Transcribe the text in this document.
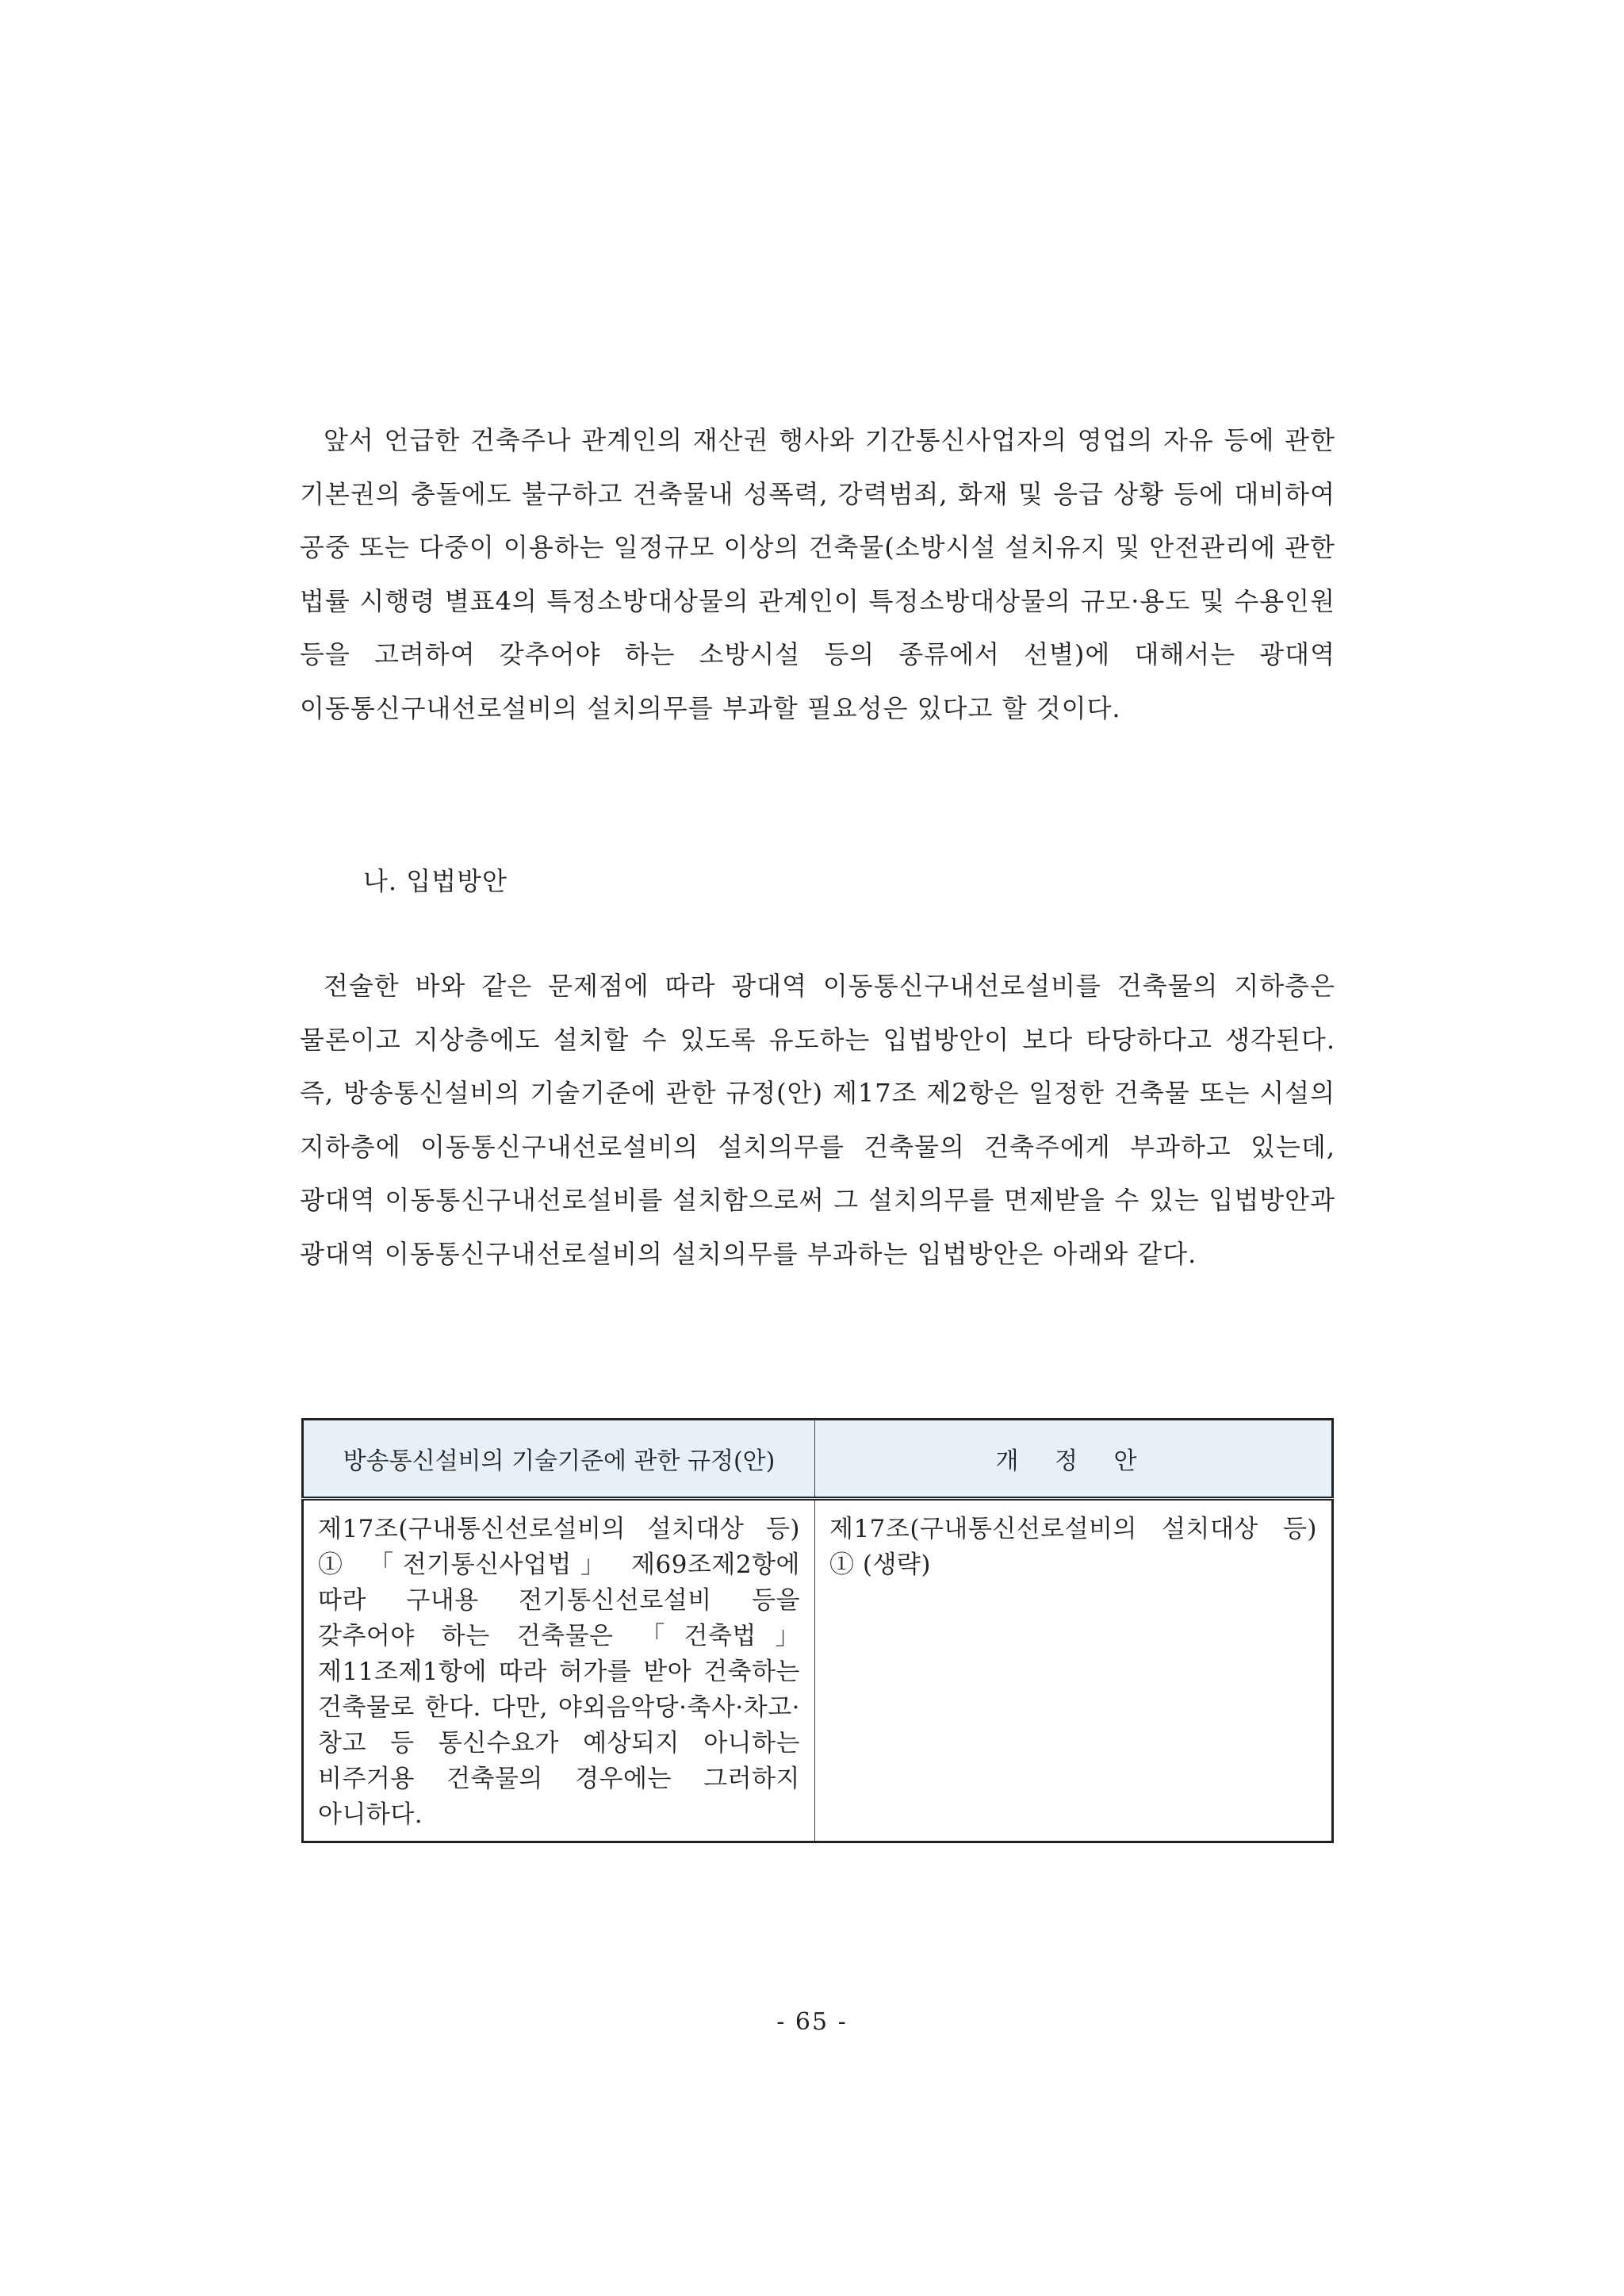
앞서 언급한 건축주나 관계인의 재산권 행사와 기간통신사업자의 영업의 자유 등에 관한 기본권의 충돌에도 불구하고 건축물내 성폭력, 강력범죄, 화재 및 응급 상황 등에 대비하여 공중 또는 다중이 이용하는 일정규모 이상의 건축물(소방시설 설치유지 및 안전관리에 관한 법률 시행령 별표4의 특정소방대상물의 관계인이 특정소방대상물의 규모·용도 및 수용인원 등을 고려하여 갖추어야 하는 소방시설 등의 종류에서 선별)에 대해서는 광대역 이동통신구내선로설비의 설치의무를 부과할 필요성은 있다고 할 것이다.

나. 입법방안

전술한 바와 같은 문제점에 따라 광대역 이동통신구내선로설비를 건축물의 지하층은 물론이고 지상층에도 설치할 수 있도록 유도하는 입법방안이 보다 타당하다고 생각된다. 즉, 방송통신설비의 기술기준에 관한 규정(안) 제17조 제2항은 일정한 건축물 또는 시설의 지하층에 이동통신구내선로설비의 설치의무를 건축물의 건축주에게 부과하고 있는데, 광대역 이동통신구내선로설비를 설치함으로써 그 설치의무를 면제받을 수 있는 입법방안과 광대역 이동통신구내선로설비의 설치의무를 부과하는 입법방안은 아래와 같다.

방송통신설비의 기술기준에 관한 규정(안)	개 정 안
제17조(구내통신선로설비의 설치대상 등) ① 「전기통신사업법」 제69조제2항에 따라 구내용 전기통신선로설비 등을 갖추어야 하는 건축물은 「건축법」 제11조제1항에 따라 허가를 받아 건축하는 건축물로 한다. 다만, 야외음악당·축사·차고·창고 등 통신수요가 예상되지 아니하는 비주거용 건축물의 경우에는 그러하지 아니하다.	제17조(구내통신선로설비의 설치대상 등) ① (생략)
- 65 -
